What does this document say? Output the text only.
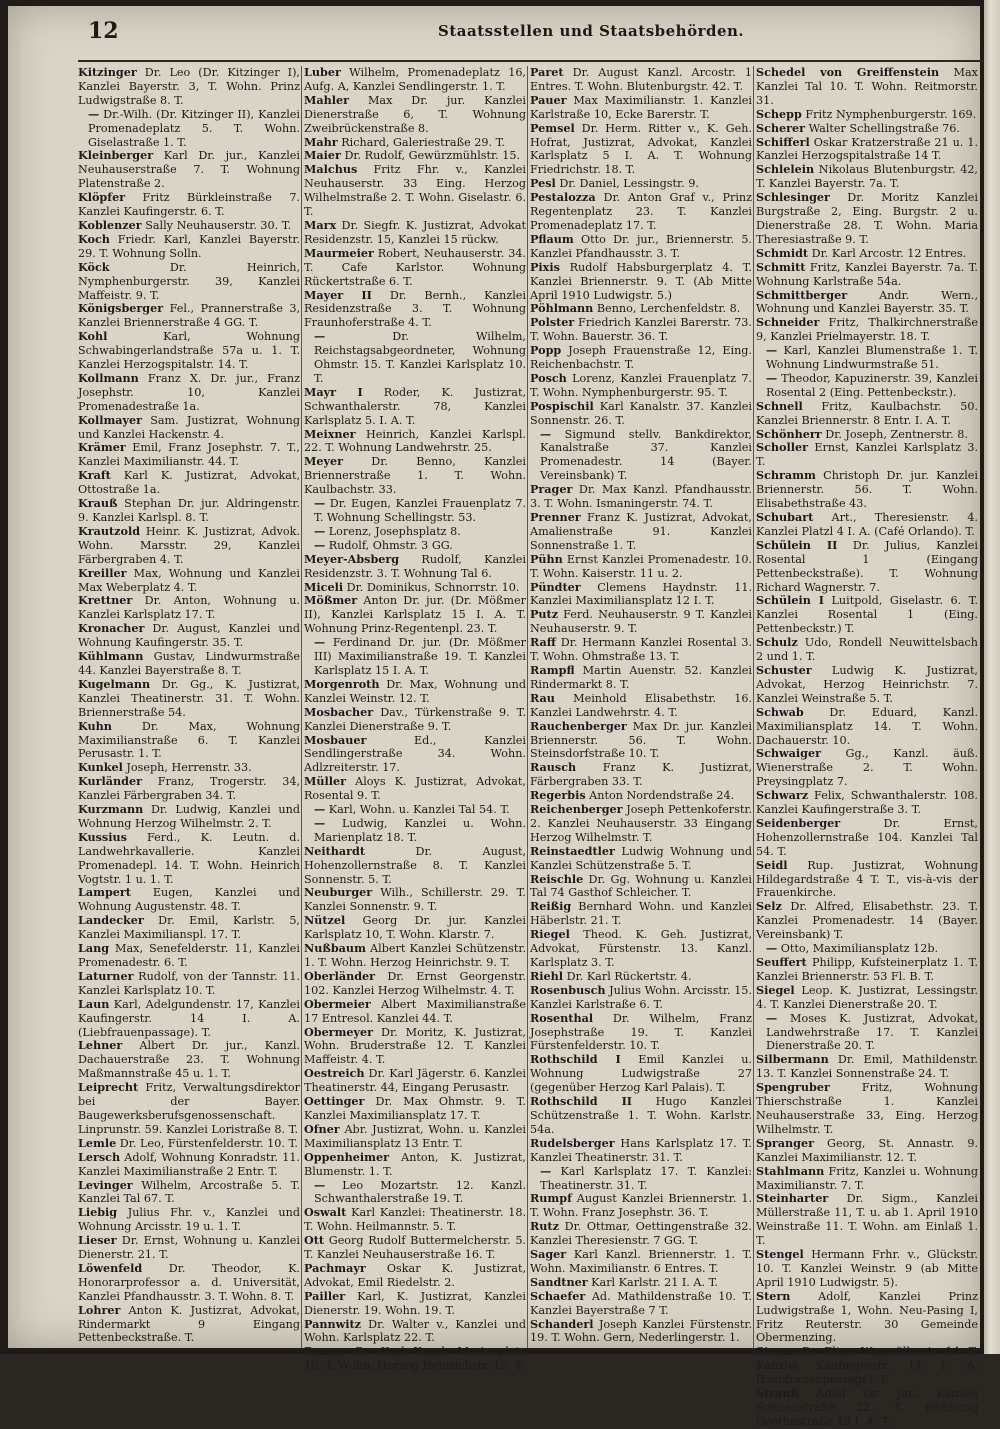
12	Staatsstellen und Staatsbehörden.

Kitzinger Dr. Leo (Dr. Kitzinger I), Kanzlei Bayerstr. 3, T. Wohn. Prinz Ludwigstraße 8. T.

— Dr.-Wilh. (Dr. Kitzinger II), Kanzlei Promenadeplatz 5. T. Wohn. Giselastraße 1. T.

Kleinberger Karl Dr. jur., Kanzlei Neuhauserstraße 7. T. Wohnung Platenstraße 2.

Klöpfer Fritz Bürkleinstraße 7. Kanzlei Kaufingerstr. 6. T.

Koblenzer Sally Neuhauserstr. 30. T.

Koch Friedr. Karl, Kanzlei Bayerstr. 29. T. Wohnung Solln.

Köck Dr. Heinrich, Nymphenburgerstr. 39, Kanzlei Maffeistr. 9. T.

Königsberger Fel., Prannerstraße 3, Kanzlei Briennerstraße 4 GG. T.

Kohl Karl, Wohnung Schwabingerlandstraße 57a u. 1. T. Kanzlei Herzogspitalstr. 14. T.

Kollmann Franz X. Dr. jur., Franz Josephstr. 10, Kanzlei Promenadestraße 1a.

Kollmayer Sam. Justizrat, Wohnung und Kanzlei Hackenstr. 4.

Krämer Emil, Franz Josephstr. 7. T., Kanzlei Maximilianstr. 44. T.

Kraft Karl K. Justizrat, Advokat, Ottostraße 1a.

Krauß Stephan Dr. jur. Aldringenstr. 9. Kanzlei Karlspl. 8. T.

Krautzold Heinr. K. Justizrat, Advok. Wohn. Marsstr. 29, Kanzlei Färbergraben 4. T.

Kreiller Max, Wohnung und Kanzlei Max Weberplatz 4. T.

Krettner Dr. Anton, Wohnung u. Kanzlei Karlsplatz 17. T.

Kronacher Dr. August, Kanzlei und Wohnung Kaufingerstr. 35. T.

Kühlmann Gustav, Lindwurmstraße 44. Kanzlei Bayerstraße 8. T.

Kugelmann Dr. Gg., K. Justizrat, Kanzlei Theatinerstr. 31. T. Wohn. Briennerstraße 54.

Kuhn Dr. Max, Wohnung Maximilianstraße 6. T. Kanzlei Perusastr. 1. T.

Kunkel Joseph, Herrenstr. 33.

Kurländer Franz, Trogerstr. 34, Kanzlei Färbergraben 34. T.

Kurzmann Dr. Ludwig, Kanzlei und Wohnung Herzog Wilhelmstr. 2. T.

Kussius Ferd., K. Leutn. d. Landwehrkavallerie. Kanzlei Promenadepl. 14. T. Wohn. Heinrich Vogtstr. 1 u. 1. T.

Lampert Eugen, Kanzlei und Wohnung Augustenstr. 48. T.

Landecker Dr. Emil, Karlstr. 5, Kanzlei Maximilianspl. 17. T.

Lang Max, Senefelderstr. 11, Kanzlei Promenadestr. 6. T.

Laturner Rudolf, von der Tannstr. 11. Kanzlei Karlsplatz 10. T.

Laun Karl, Adelgundenstr. 17, Kanzlei Kaufingerstr. 14 I. A. (Liebfrauenpassage). T.

Lehner Albert Dr. jur., Kanzl. Dachauerstraße 23. T. Wohnung Maßmannstraße 45 u. 1. T.

Leiprecht Fritz, Verwaltungsdirektor bei der Bayer. Baugewerksberufsgenossenschaft. Linprunstr. 59. Kanzlei Loristraße 8. T.

Lemle Dr. Leo, Fürstenfelderstr. 10. T.

Lersch Adolf, Wohnung Konradstr. 11. Kanzlei Maximilianstraße 2 Entr. T.

Levinger Wilhelm, Arcostraße 5. T. Kanzlei Tal 67. T.

Liebig Julius Fhr. v., Kanzlei und Wohnung Arcisstr. 19 u. 1. T.

Lieser Dr. Ernst, Wohnung u. Kanzlei Dienerstr. 21. T.

Löwenfeld Dr. Theodor, K. Honorarprofessor a. d. Universität, Kanzlei Pfandhausstr. 3. T. Wohn. 8. T.

Lohrer Anton K. Justizrat, Advokat, Rindermarkt 9 Eingang Pettenbeckstraße. T.

Luber Wilhelm, Promenadeplatz 16, Aufg. A, Kanzlei Sendlingerstr. 1. T.

Mahler Max Dr. jur. Kanzlei Dienerstraße 6, T. Wohnung Zweibrückenstraße 8.

Mahr Richard, Galeriestraße 29. T.

Maier Dr. Rudolf, Gewürzmühlstr. 15.

Malchus Fritz Fhr. v., Kanzlei Neuhauserstr. 33 Eing. Herzog Wilhelmstraße 2. T. Wohn. Giselastr. 6. T.

Marx Dr. Siegfr. K. Justizrat, Advokat Residenzstr. 15, Kanzlei 15 rückw.

Maurmeier Robert, Neuhauserstr. 34. T. Cafe Karlstor. Wohnung Rückertstraße 6. T.

Mayer II Dr. Bernh., Kanzlei Residenzstraße 3. T. Wohnung Fraunhoferstraße 4. T.

— Dr. Wilhelm, Reichstagsabgeordneter, Wohnung Ohmstr. 15. T. Kanzlei Karlsplatz 10. T.

Mayr I Roder, K. Justizrat, Schwanthalerstr. 78, Kanzlei Karlsplatz 5. I. A. T.

Meixner Heinrich, Kanzlei Karlspl. 22. T. Wohnung Landwehrstr. 25.

Meyer Dr. Benno, Kanzlei Briennerstraße 1. T. Wohn. Kaulbachstr. 33.

— Dr. Eugen, Kanzlei Frauenplatz 7. T. Wohnung Schellingstr. 53.

— Lorenz, Josephsplatz 8.

— Rudolf, Ohmstr. 3 GG.

Meyer-Absberg Rudolf, Kanzlei Residenzstr. 3. T. Wohnung Tal 6.

Miceli Dr. Dominikus, Schnorrstr. 10.

Mößmer Anton Dr. jur. (Dr. Mößmer II), Kanzlei Karlsplatz 15 I. A. T. Wohnung Prinz-Regentenpl. 23. T.

— Ferdinand Dr. jur. (Dr. Mößmer III) Maximilianstraße 19. T. Kanzlei Karlsplatz 15 I. A. T.

Morgenroth Dr. Max, Wohnung und Kanzlei Weinstr. 12. T.

Mosbacher Dav., Türkenstraße 9. T. Kanzlei Dienerstraße 9. T.

Mosbauer Ed., Kanzlei Sendlingerstraße 34. Wohn. Adlzreiterstr. 17.

Müller Aloys K. Justizrat, Advokat, Rosental 9. T.

— Karl, Wohn. u. Kanzlei Tal 54. T.

— Ludwig, Kanzlei u. Wohn. Marienplatz 18. T.

Neithardt Dr. August, Hohenzollernstraße 8. T. Kanzlei Sonnenstr. 5. T.

Neuburger Wilh., Schillerstr. 29. T. Kanzlei Sonnenstr. 9. T.

Nützel Georg Dr. jur. Kanzlei Karlsplatz 10, T. Wohn. Klarstr. 7.

Nußbaum Albert Kanzlei Schützenstr. 1. T. Wohn. Herzog Heinrichstr. 9. T.

Oberländer Dr. Ernst Georgenstr. 102. Kanzlei Herzog Wilhelmstr. 4. T.

Obermeier Albert Maximilianstraße 17 Entresol. Kanzlei 44. T.

Obermeyer Dr. Moritz, K. Justizrat, Wohn. Bruderstraße 12. T. Kanzlei Maffeistr. 4. T.

Oestreich Dr. Karl Jägerstr. 6. Kanzlei Theatinerstr. 44, Eingang Perusastr.

Oettinger Dr. Max Ohmstr. 9. T. Kanzlei Maximiliansplatz 17. T.

Ofner Abr. Justizrat, Wohn. u. Kanzlei Maximiliansplatz 13 Entr. T.

Oppenheimer Anton, K. Justizrat, Blumenstr. 1. T.

— Leo Mozartstr. 12. Kanzl. Schwanthalerstraße 19. T.

Oswalt Karl Kanzlei: Theatinerstr. 18. T. Wohn. Heilmannstr. 5. T.

Ott Georg Rudolf Buttermelcherstr. 5. T. Kanzlei Neuhauserstraße 16. T.

Pachmayr Oskar K. Justizrat, Advokat, Emil Riedelstr. 2.

Pailler Karl, K. Justizrat, Kanzlei Dienerstr. 19. Wohn. 19. T.

Pannwitz Dr. Walter v., Kanzlei und Wohn. Karlsplatz 22. T.

Panzer Dr. Karl Kanzl. Marienplatz 18. T. Wohn. Herzog Heinrichstr. 15. T.

Paret Dr. August Kanzl. Arcostr. 1 Entres. T. Wohn. Blutenburgstr. 42. T.

Pauer Max Maximilianstr. 1. Kanzlei Karlstraße 10, Ecke Barerstr. T.

Pemsel Dr. Herm. Ritter v., K. Geh. Hofrat, Justizrat, Advokat, Kanzlei Karlsplatz 5 I. A. T. Wohnung Friedrichstr. 18. T.

Pesl Dr. Daniel, Lessingstr. 9.

Pestalozza Dr. Anton Graf v., Prinz Regentenplatz 23. T. Kanzlei Promenadeplatz 17. T.

Pflaum Otto Dr. jur., Briennerstr. 5. Kanzlei Pfandhausstr. 3. T.

Pixis Rudolf Habsburgerplatz 4. T. Kanzlei Briennerstr. 9. T. (Ab Mitte April 1910 Ludwigstr. 5.)

Pöhlmann Benno, Lerchenfeldstr. 8.

Polster Friedrich Kanzlei Barerstr. 73. T. Wohn. Bauerstr. 36. T.

Popp Joseph Frauenstraße 12, Eing. Reichenbachstr. T.

Posch Lorenz, Kanzlei Frauenplatz 7. T. Wohn. Nymphenburgerstr. 95. T.

Pospischil Karl Kanalstr. 37. Kanzlei Sonnenstr. 26. T.

— Sigmund stellv. Bankdirektor, Kanalstraße 37. Kanzlei Promenadestr. 14 (Bayer. Vereinsbank) T.

Prager Dr. Max Kanzl. Pfandhausstr. 3. T. Wohn. Ismaningerstr. 74. T.

Prenner Franz K. Justizrat, Advokat, Amalienstraße 91. Kanzlei Sonnenstraße 1. T.

Pühn Ernst Kanzlei Promenadestr. 10. T. Wohn. Kaiserstr. 11 u. 2.

Pündter Clemens Haydnstr. 11. Kanzlei Maximiliansplatz 12 I. T.

Putz Ferd. Neuhauserstr. 9 T. Kanzlei Neuhauserstr. 9. T.

Raff Dr. Hermann Kanzlei Rosental 3. T. Wohn. Ohmstraße 13. T.

Rampfl Martin Auenstr. 52. Kanzlei Rindermarkt 8. T.

Rau Meinhold Elisabethstr. 16. Kanzlei Landwehrstr. 4. T.

Rauchenberger Max Dr. jur. Kanzlei Briennerstr. 56. T. Wohn. Steinsdorfstraße 10. T.

Rausch Franz K. Justizrat, Färbergraben 33. T.

Regerbis Anton Nordendstraße 24.

Reichenberger Joseph Pettenkoferstr. 2. Kanzlei Neuhauserstr. 33 Eingang Herzog Wilhelmstr. T.

Reinstaedtler Ludwig Wohnung und Kanzlei Schützenstraße 5. T.

Reischle Dr. Gg. Wohnung u. Kanzlei Tal 74 Gasthof Schleicher. T.

Reißig Bernhard Wohn. und Kanzlei Häberlstr. 21. T.

Riegel Theod. K. Geh. Justizrat, Advokat, Fürstenstr. 13. Kanzl. Karlsplatz 3. T.

Riehl Dr. Karl Rückertstr. 4.

Rosenbusch Julius Wohn. Arcisstr. 15. Kanzlei Karlstraße 6. T.

Rosenthal Dr. Wilhelm, Franz Josephstraße 19. T. Kanzlei Fürstenfelderstr. 10. T.

Rothschild I Emil Kanzlei u. Wohnung Ludwigstraße 27 (gegenüber Herzog Karl Palais). T.

Rothschild II Hugo Kanzlei Schützenstraße 1. T. Wohn. Karlstr. 54a.

Rudelsberger Hans Karlsplatz 17. T. Kanzlei Theatinerstr. 31. T.

— Karl Karlsplatz 17. T. Kanzlei: Theatinerstr. 31. T.

Rumpf August Kanzlei Briennerstr. 1. T. Wohn. Franz Josephstr. 36. T.

Rutz Dr. Ottmar, Oettingenstraße 32. Kanzlei Theresienstr. 7 GG. T.

Sager Karl Kanzl. Briennerstr. 1. T. Wohn. Maximilianstr. 6 Entres. T.

Sandtner Karl Karlstr. 21 I. A. T.

Schaefer Ad. Mathildenstraße 10. T. Kanzlei Bayerstraße 7 T.

Schanderl Joseph Kanzlei Fürstenstr. 19. T. Wohn. Gern, Nederlingerstr. 1.

Schedel von Greiffenstein Max Kanzlei Tal 10. T. Wohn. Reitmorstr. 31.

Schepp Fritz Nymphenburgerstr. 169.

Scherer Walter Schellingstraße 76.

Schifferl Oskar Kratzerstraße 21 u. 1. Kanzlei Herzogspitalstraße 14 T.

Schlelein Nikolaus Blutenburgstr. 42, T. Kanzlei Bayerstr. 7a. T.

Schlesinger Dr. Moritz Kanzlei Burgstraße 2, Eing. Burgstr. 2 u. Dienerstraße 28. T. Wohn. Maria Theresiastraße 9. T.

Schmidt Dr. Karl Arcostr. 12 Entres.

Schmitt Fritz, Kanzlei Bayerstr. 7a. T. Wohnung Karlstraße 54a.

Schmittberger Andr. Wern., Wohnung und Kanzlei Bayerstr. 35. T.

Schneider Fritz, Thalkirchnerstraße 9, Kanzlei Prielmayerstr. 18. T.

— Karl, Kanzlei Blumenstraße 1. T. Wohnung Lindwurmstraße 51.

— Theodor, Kapuzinerstr. 39, Kanzlei Rosental 2 (Eing. Pettenbeckstr.).

Schnell Fritz, Kaulbachstr. 50. Kanzlei Briennerstr. 8 Entr. I. A. T.

Schönherr Dr. Joseph, Zentnerstr. 8.

Scholler Ernst, Kanzlei Karlsplatz 3. T.

Schramm Christoph Dr. jur. Kanzlei Briennerstr. 56. T. Wohn. Elisabethstraße 43.

Schubart Art., Theresienstr. 4. Kanzlei Platzl 4 I. A. (Café Orlando). T.

Schülein II Dr. Julius, Kanzlei Rosental 1 (Eingang Pettenbeckstraße). T. Wohnung Richard Wagnerstr. 7.

Schülein I Luitpold, Giselastr. 6. T. Kanzlei Rosental 1 (Eing. Pettenbeckstr.) T.

Schulz Udo, Rondell Neuwittelsbach 2 und 1. T.

Schuster Ludwig K. Justizrat, Advokat, Herzog Heinrichstr. 7. Kanzlei Weinstraße 5. T.

Schwab Dr. Eduard, Kanzl. Maximiliansplatz 14. T. Wohn. Dachauerstr. 10.

Schwaiger Gg., Kanzl. äuß. Wienerstraße 2. T. Wohn. Preysingplatz 7.

Schwarz Felix, Schwanthalerstr. 108. Kanzlei Kaufingerstraße 3. T.

Seidenberger Dr. Ernst, Hohenzollernstraße 104. Kanzlei Tal 54. T.

Seidl Rup. Justizrat, Wohnung Hildegardstraße 4 T. T., vis-à-vis der Frauenkirche.

Selz Dr. Alfred, Elisabethstr. 23. T. Kanzlei Promenadestr. 14 (Bayer. Vereinsbank) T.

— Otto, Maximiliansplatz 12b.

Seuffert Philipp, Kufsteinerplatz 1. T. Kanzlei Briennerstr. 53 Fl. B. T.

Siegel Leop. K. Justizrat, Lessingstr. 4. T. Kanzlei Dienerstraße 20. T.

— Moses K. Justizrat, Advokat, Landwehrstraße 17. T. Kanzlei Dienerstraße 20. T.

Silbermann Dr. Emil, Mathildenstr. 13. T. Kanzlei Sonnenstraße 24. T.

Spengruber Fritz, Wohnung Thierschstraße 1. Kanzlei Neuhauserstraße 33, Eing. Herzog Wilhelmstr. T.

Spranger Georg, St. Annastr. 9. Kanzlei Maximilianstr. 12. T.

Stahlmann Fritz, Kanzlei u. Wohnung Maximilianstr. 7. T.

Steinharter Dr. Sigm., Kanzlei Müllerstraße 11, T. u. ab 1. April 1910 Weinstraße 11. T. Wohn. am Einlaß 1. T.

Stengel Hermann Frhr. v., Glückstr. 10. T. Kanzlei Weinstr. 9 (ab Mitte April 1910 Ludwigstr. 5).

Stern Adolf, Kanzlei Prinz Ludwigstraße 1, Wohn. Neu-Pasing I, Fritz Reuterstr. 30 Gemeinde Obermenzing.

Straus Dr. Elias, Wagmüllerstr. 14. T. Kanzlei Kaufingerstr. 14 I. A. (Liebfrauenpassage). T.

Strauß Adolf Dr. jur., Kanzlei Sonnenstraße 22. T. Wohnung Goethestraße 43 I. A. T.
